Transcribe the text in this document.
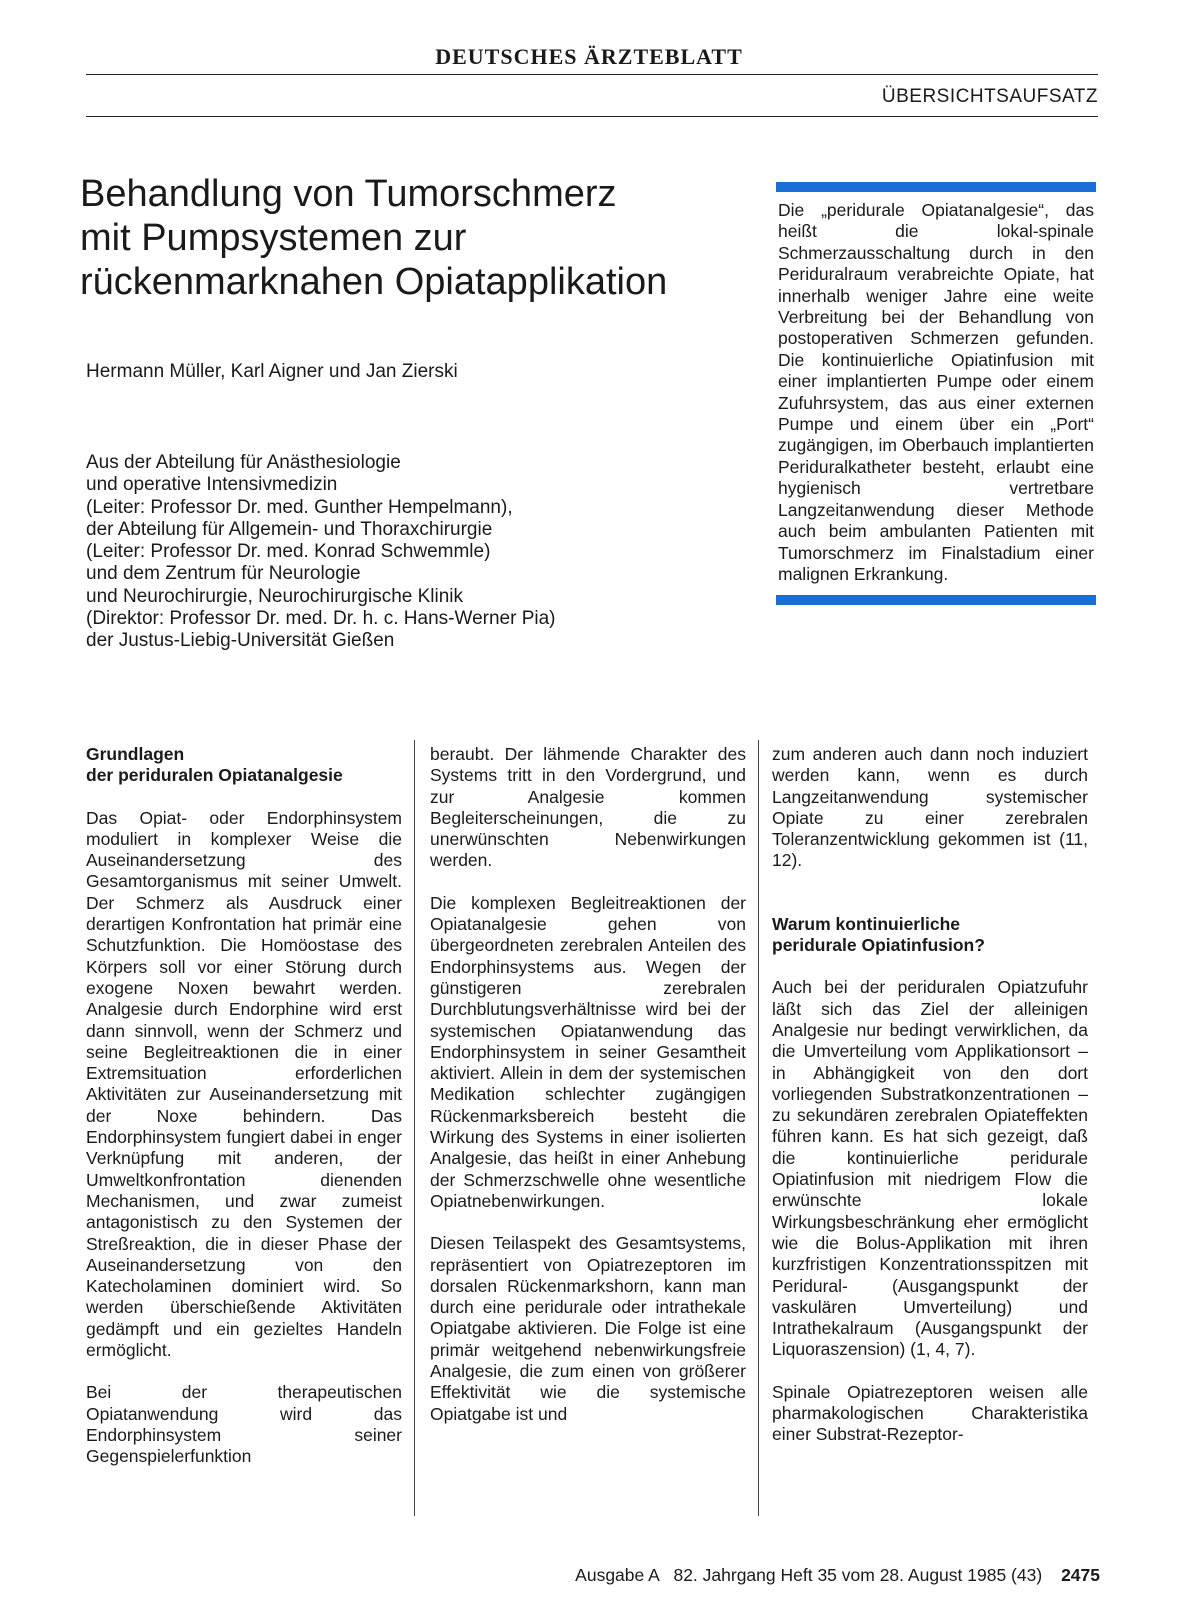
DEUTSCHES ÄRZTEBLATT
ÜBERSICHTSAUFSATZ
Behandlung von Tumorschmerz
mit Pumpsystemen zur
rückenmarknahen Opiatapplikation
Hermann Müller, Karl Aigner und Jan Zierski
Aus der Abteilung für Anästhesiologie
und operative Intensivmedizin
(Leiter: Professor Dr. med. Gunther Hempelmann),
der Abteilung für Allgemein- und Thoraxchirurgie
(Leiter: Professor Dr. med. Konrad Schwemmle)
und dem Zentrum für Neurologie
und Neurochirurgie, Neurochirurgische Klinik
(Direktor: Professor Dr. med. Dr. h. c. Hans-Werner Pia)
der Justus-Liebig-Universität Gießen
Die „peridurale Opiatanalgesie“, das heißt die lokal-spinale Schmerzausschaltung durch in den Periduralraum verabreichte Opiate, hat innerhalb weniger Jahre eine weite Verbreitung bei der Behandlung von postoperativen Schmerzen gefunden. Die kontinuierliche Opiatinfusion mit einer implantierten Pumpe oder einem Zufuhrsystem, das aus einer externen Pumpe und einem über ein „Port“ zugängigen, im Oberbauch implantierten Periduralkatheter besteht, erlaubt eine hygienisch vertretbare Langzeitanwendung dieser Methode auch beim ambulanten Patienten mit Tumorschmerz im Finalstadium einer malignen Erkrankung.
Grundlagen
der periduralen Opiatanalgesie

Das Opiat- oder Endorphinsystem moduliert in komplexer Weise die Auseinandersetzung des Gesamtorganismus mit seiner Umwelt. Der Schmerz als Ausdruck einer derartigen Konfrontation hat primär eine Schutzfunktion. Die Homöostase des Körpers soll vor einer Störung durch exogene Noxen bewahrt werden. Analgesie durch Endorphine wird erst dann sinnvoll, wenn der Schmerz und seine Begleitreaktionen die in einer Extremsituation erforderlichen Aktivitäten zur Auseinandersetzung mit der Noxe behindern. Das Endorphinsystem fungiert dabei in enger Verknüpfung mit anderen, der Umweltkonfrontation dienenden Mechanismen, und zwar zumeist antagonistisch zu den Systemen der Streßreaktion, die in dieser Phase der Auseinandersetzung von den Katecholaminen dominiert wird. So werden überschießende Aktivitäten gedämpft und ein gezieltes Handeln ermöglicht.

Bei der therapeutischen Opiatanwendung wird das Endorphinsystem seiner Gegenspielerfunktion

beraubt. Der lähmende Charakter des Systems tritt in den Vordergrund, und zur Analgesie kommen Begleiterscheinungen, die zu unerwünschten Nebenwirkungen werden.

Die komplexen Begleitreaktionen der Opiatanalgesie gehen von übergeordneten zerebralen Anteilen des Endorphinsystems aus. Wegen der günstigeren zerebralen Durchblutungsverhältnisse wird bei der systemischen Opiatanwendung das Endorphinsystem in seiner Gesamtheit aktiviert. Allein in dem der systemischen Medikation schlechter zugängigen Rückenmarksbereich besteht die Wirkung des Systems in einer isolierten Analgesie, das heißt in einer Anhebung der Schmerzschwelle ohne wesentliche Opiatnebenwirkungen.

Diesen Teilaspekt des Gesamtsystems, repräsentiert von Opiatrezeptoren im dorsalen Rückenmarkshorn, kann man durch eine peridurale oder intrathekale Opiatgabe aktivieren. Die Folge ist eine primär weitgehend nebenwirkungsfreie Analgesie, die zum einen von größerer Effektivität wie die systemische Opiatgabe ist und

zum anderen auch dann noch induziert werden kann, wenn es durch Langzeitanwendung systemischer Opiate zu einer zerebralen Toleranzentwicklung gekommen ist (11, 12).

Warum kontinuierliche
peridurale Opiatinfusion?

Auch bei der periduralen Opiatzufuhr läßt sich das Ziel der alleinigen Analgesie nur bedingt verwirklichen, da die Umverteilung vom Applikationsort – in Abhängigkeit von den dort vorliegenden Substratkonzentrationen – zu sekundären zerebralen Opiateffekten führen kann. Es hat sich gezeigt, daß die kontinuierliche peridurale Opiatinfusion mit niedrigem Flow die erwünschte lokale Wirkungsbeschränkung eher ermöglicht wie die Bolus-Applikation mit ihren kurzfristigen Konzentrationsspitzen mit Peridural- (Ausgangspunkt der vaskulären Umverteilung) und Intrathekalraum (Ausgangspunkt der Liquoraszension) (1, 4, 7).

Spinale Opiatrezeptoren weisen alle pharmakologischen Charakteristika einer Substrat-Rezeptor-

Ausgabe A 82. Jahrgang Heft 35 vom 28. August 1985 (43) 2475
